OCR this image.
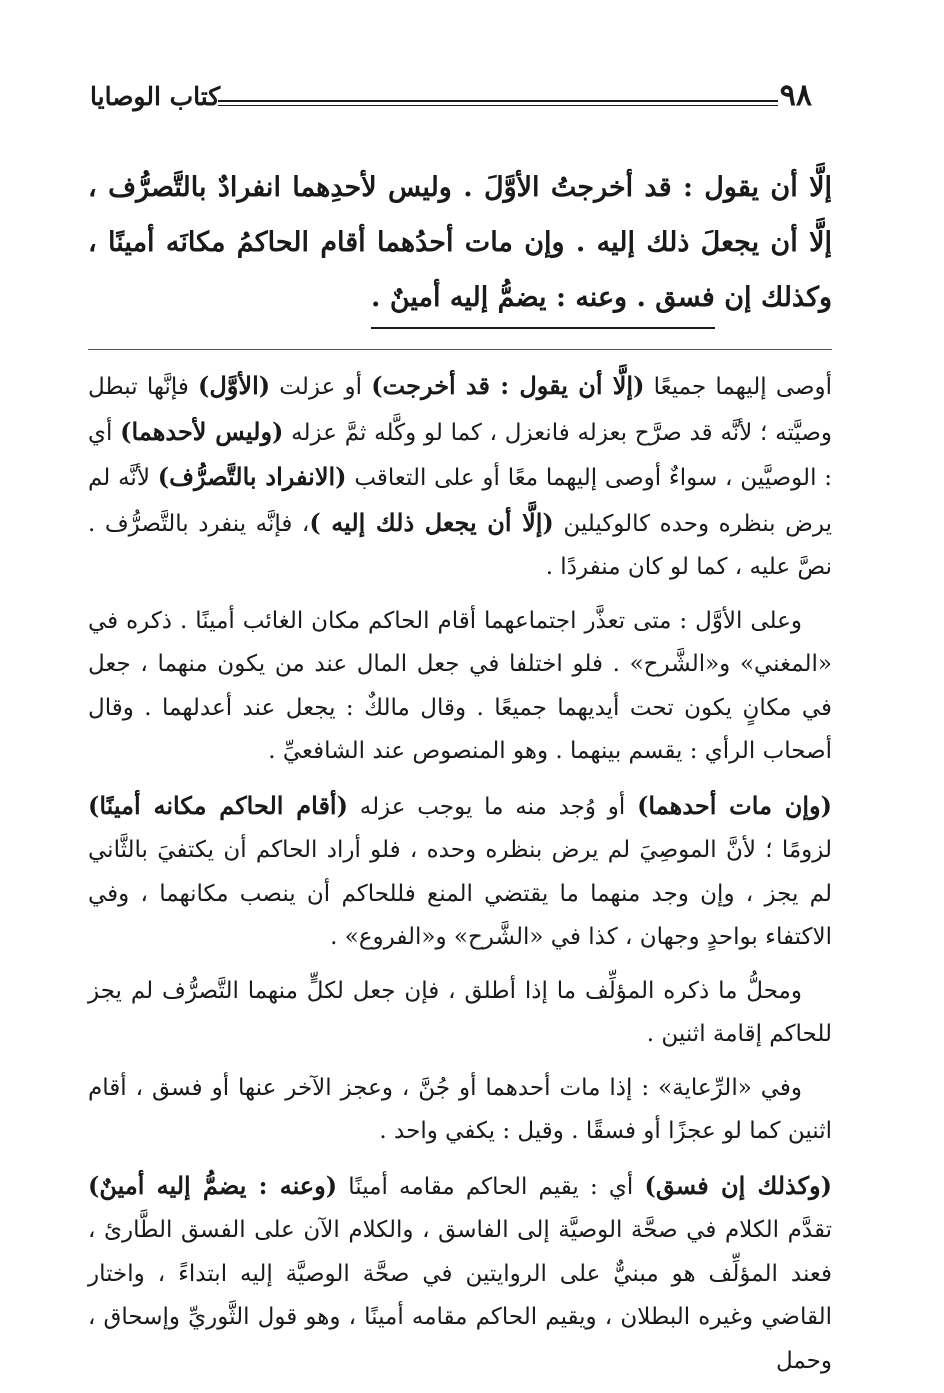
٩٨
كتاب الوصايا

إلَّا أن يقول : قد أخرجتُ الأوَّلَ . وليس لأحدِهما انفرادٌ بالتَّصرُّف ، إلَّا أن يجعلَ ذلك إليه . وإن مات أحدُهما أقام الحاكمُ مكانَه أمينًا ، وكذلك إن فسق . وعنه : يضمُّ إليه أمينٌ .

أوصى إليهما جميعًا (إلَّا أن يقول : قد أخرجت) أو عزلت (الأوَّل) فإنَّها تبطل وصيَّته ؛ لأنَّه قد صرَّح بعزله فانعزل ، كما لو وكَّله ثمَّ عزله (وليس لأحدهما) أي : الوصيَّين ، سواءٌ أوصى إليهما معًا أو على التعاقب (الانفراد بالتَّصرُّف) لأنَّه لم يرض بنظره وحده كالوكيلين (إلَّا أن يجعل ذلك إليه )، فإنَّه ينفرد بالتَّصرُّف . نصَّ عليه ، كما لو كان منفردًا .

وعلى الأوَّل : متى تعذَّر اجتماعهما أقام الحاكم مكان الغائب أمينًا . ذكره في «المغني» و«الشَّرح» . فلو اختلفا في جعل المال عند من يكون منهما ، جعل في مكانٍ يكون تحت أيديهما جميعًا . وقال مالكٌ : يجعل عند أعدلهما . وقال أصحاب الرأي : يقسم بينهما . وهو المنصوص عند الشافعيِّ .

(وإن مات أحدهما) أو وُجد منه ما يوجب عزله (أقام الحاكم مكانه أمينًا) لزومًا ؛ لأنَّ الموصِيَ لم يرض بنظره وحده ، فلو أراد الحاكم أن يكتفيَ بالثَّاني لم يجز ، وإن وجد منهما ما يقتضي المنع فللحاكم أن ينصب مكانهما ، وفي الاكتفاء بواحدٍ وجهان ، كذا في «الشَّرح» و«الفروع» .

ومحلُّ ما ذكره المؤلِّف ما إذا أطلق ، فإن جعل لكلٍّ منهما التَّصرُّف لم يجز للحاكم إقامة اثنين .

وفي «الرِّعاية» : إذا مات أحدهما أو جُنَّ ، وعجز الآخر عنها أو فسق ، أقام اثنين كما لو عجزًا أو فسقًا . وقيل : يكفي واحد .

(وكذلك إن فسق) أي : يقيم الحاكم مقامه أمينًا (وعنه : يضمُّ إليه أمينٌ) تقدَّم الكلام في صحَّة الوصيَّة إلى الفاسق ، والكلام الآن على الفسق الطَّارئ ، فعند المؤلِّف هو مبنيٌّ على الروايتين في صحَّة الوصيَّة إليه ابتداءً ، واختار القاضي وغيره البطلان ، ويقيم الحاكم مقامه أمينًا ، وهو قول الثَّوريِّ وإسحاق ، وحمل
